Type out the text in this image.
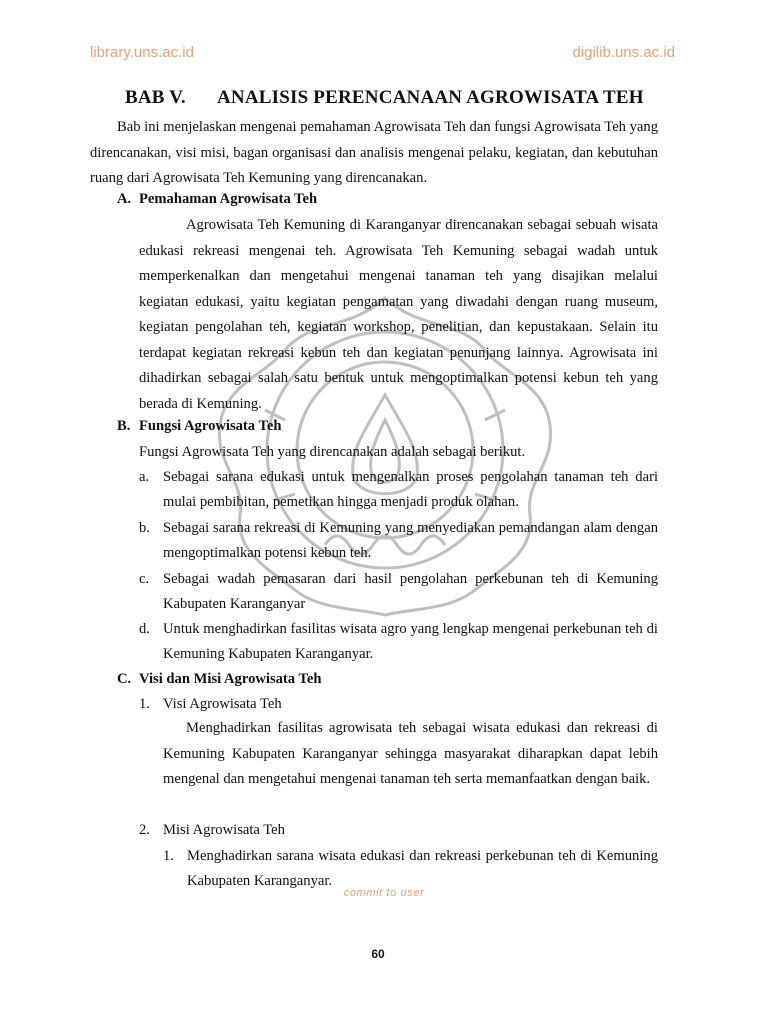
library.uns.ac.id	digilib.uns.ac.id
BAB V. ANALISIS PERENCANAAN AGROWISATA TEH
Bab ini menjelaskan mengenai pemahaman Agrowisata Teh dan fungsi Agrowisata Teh yang direncanakan, visi misi, bagan organisasi dan analisis mengenai pelaku, kegiatan, dan kebutuhan ruang dari Agrowisata Teh Kemuning yang direncanakan.
A. Pemahaman Agrowisata Teh
Agrowisata Teh Kemuning di Karanganyar direncanakan sebagai sebuah wisata edukasi rekreasi mengenai teh. Agrowisata Teh Kemuning sebagai wadah untuk memperkenalkan dan mengetahui mengenai tanaman teh yang disajikan melalui kegiatan edukasi, yaitu kegiatan pengamatan yang diwadahi dengan ruang museum, kegiatan pengolahan teh, kegiatan workshop, penelitian, dan kepustakaan. Selain itu terdapat kegiatan rekreasi kebun teh dan kegiatan penunjang lainnya. Agrowisata ini dihadirkan sebagai salah satu bentuk untuk mengoptimalkan potensi kebun teh yang berada di Kemuning.
B. Fungsi Agrowisata Teh
Fungsi Agrowisata Teh yang direncanakan adalah sebagai berikut.
a. Sebagai sarana edukasi untuk mengenalkan proses pengolahan tanaman teh dari mulai pembibitan, pemetikan hingga menjadi produk olahan.
b. Sebagai sarana rekreasi di Kemuning yang menyediakan pemandangan alam dengan mengoptimalkan potensi kebun teh.
c. Sebagai wadah pemasaran dari hasil pengolahan perkebunan teh di Kemuning Kabupaten Karanganyar
d. Untuk menghadirkan fasilitas wisata agro yang lengkap mengenai perkebunan teh di Kemuning Kabupaten Karanganyar.
C. Visi dan Misi Agrowisata Teh
1. Visi Agrowisata Teh
Menghadirkan fasilitas agrowisata teh sebagai wisata edukasi dan rekreasi di Kemuning Kabupaten Karanganyar sehingga masyarakat diharapkan dapat lebih mengenal dan mengetahui mengenai tanaman teh serta memanfaatkan dengan baik.
2. Misi Agrowisata Teh
1. Menghadirkan sarana wisata edukasi dan rekreasi perkebunan teh di Kemuning Kabupaten Karanganyar.
commit to user
60
